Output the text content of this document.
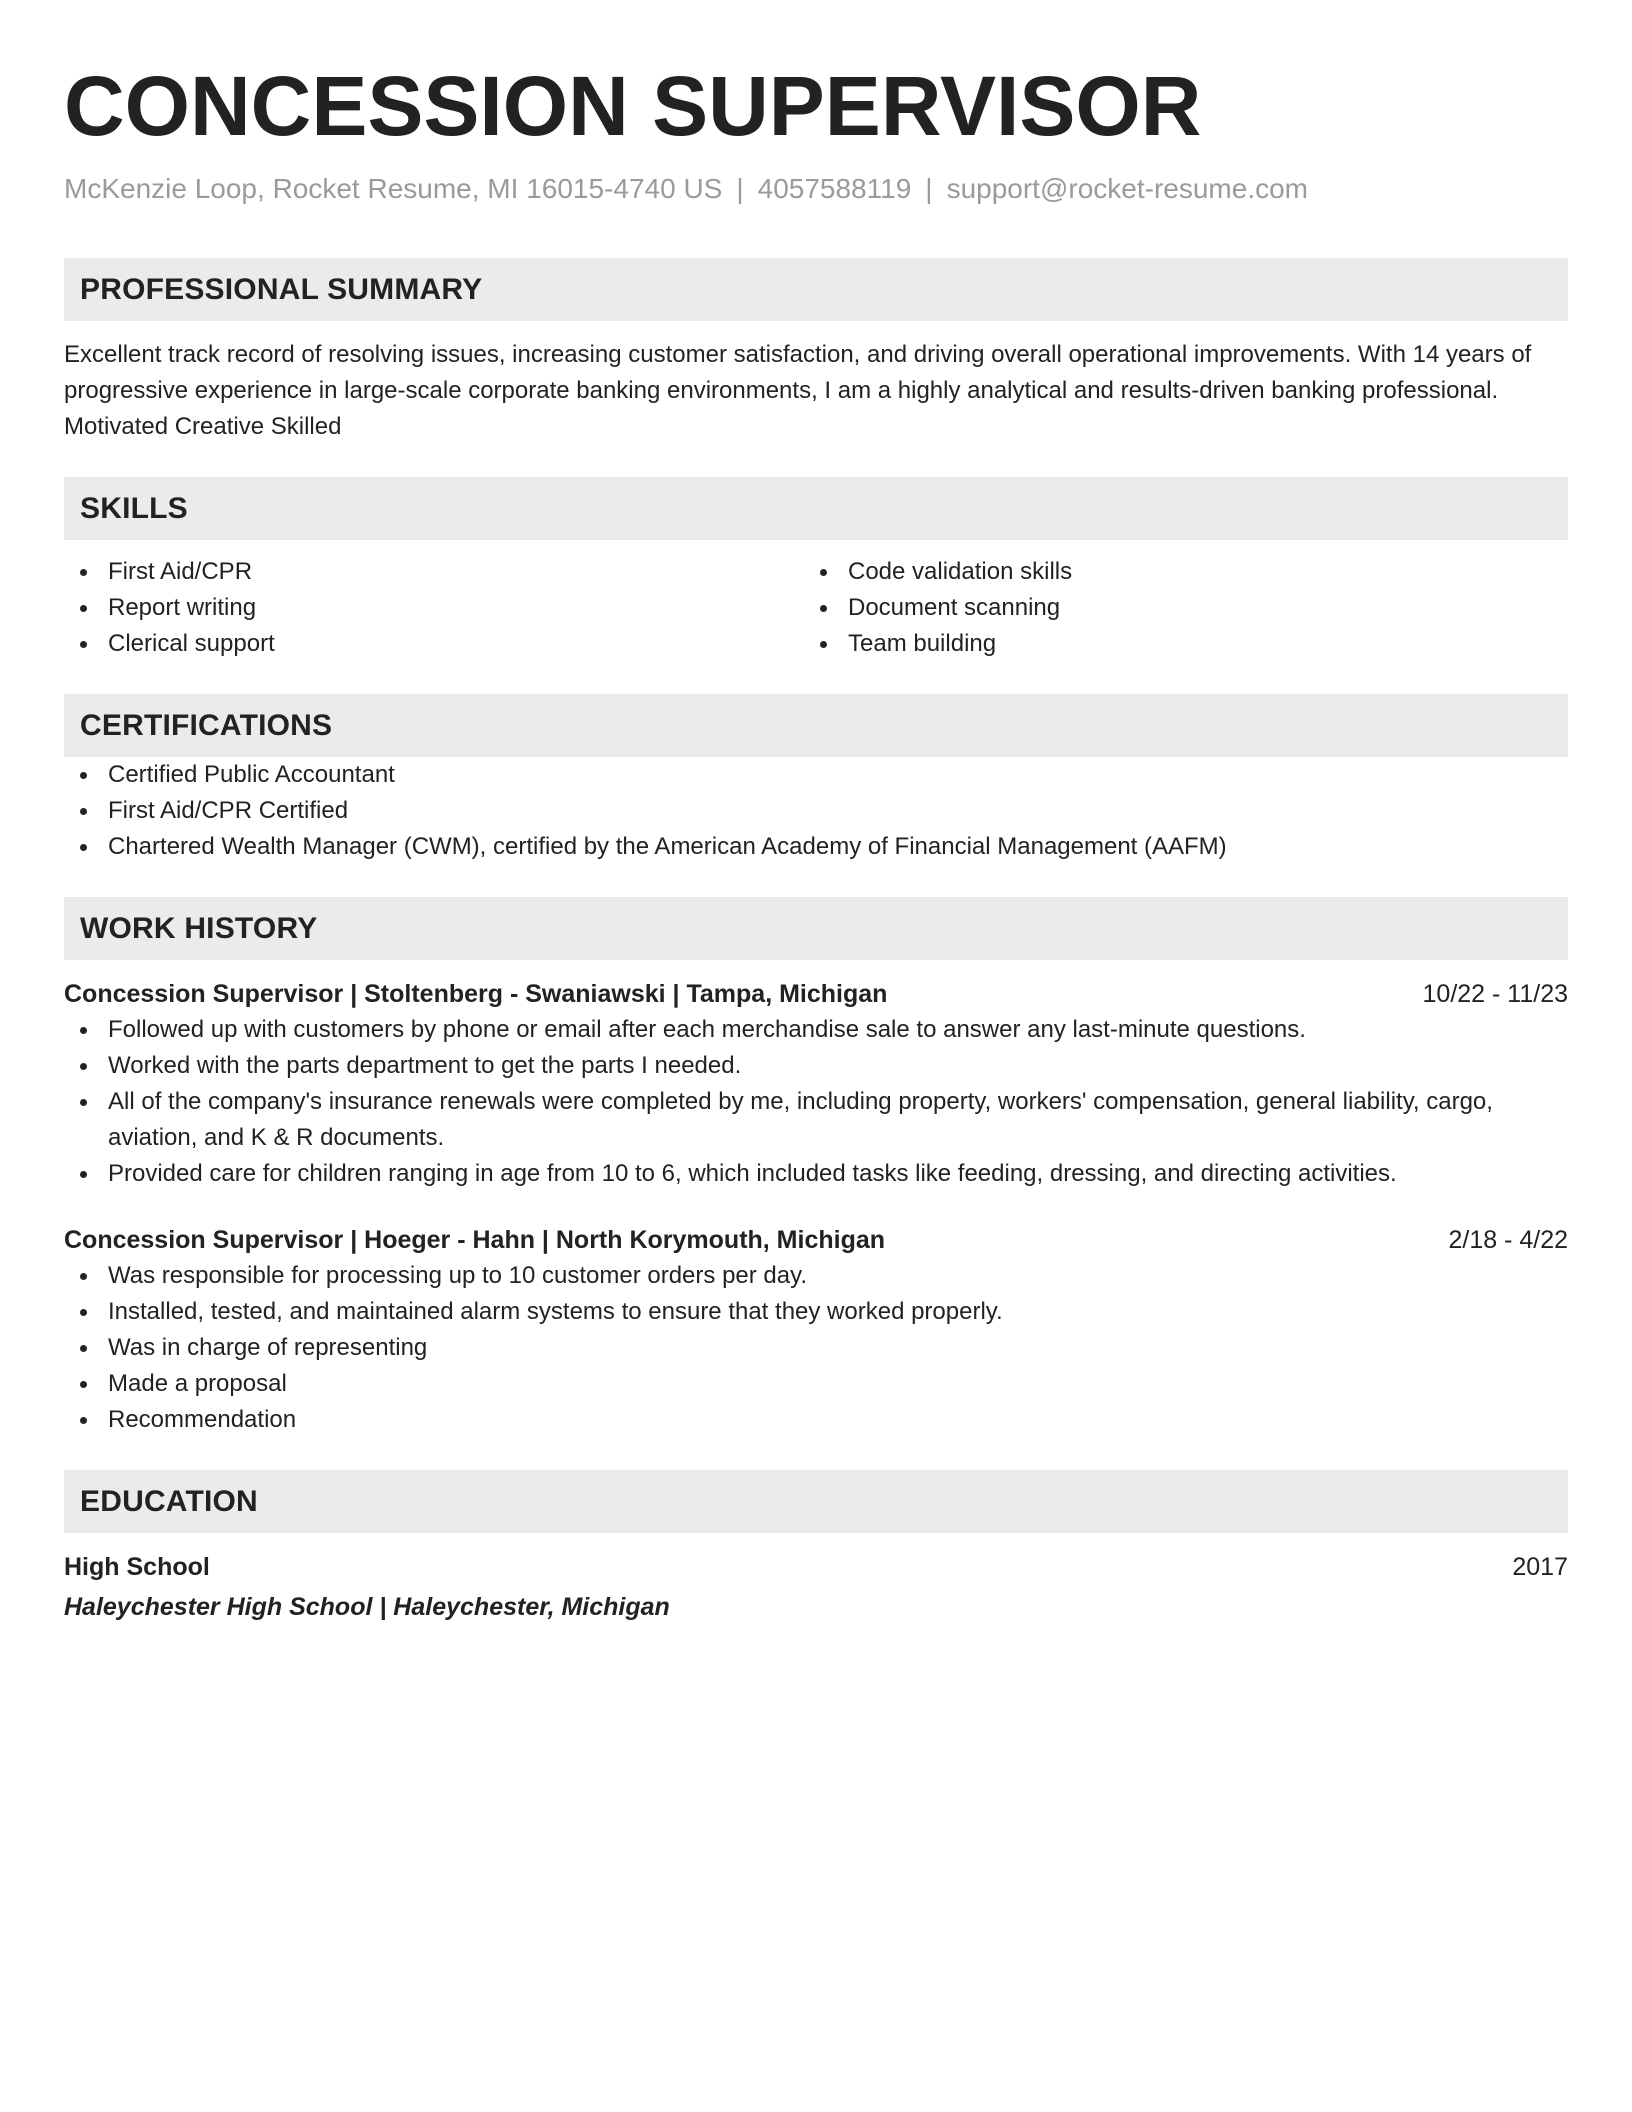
CONCESSION SUPERVISOR
McKenzie Loop, Rocket Resume, MI 16015-4740 US | 4057588119 | support@rocket-resume.com
PROFESSIONAL SUMMARY

Excellent track record of resolving issues, increasing customer satisfaction, and driving overall operational improvements. With 14 years of progressive experience in large-scale corporate banking environments, I am a highly analytical and results-driven banking professional. Motivated Creative Skilled

SKILLS
First Aid/CPR
Report writing
Clerical support
Code validation skills
Document scanning
Team building
CERTIFICATIONS
Certified Public Accountant
First Aid/CPR Certified
Chartered Wealth Manager (CWM), certified by the American Academy of Financial Management (AAFM)
WORK HISTORY
Concession Supervisor | Stoltenberg - Swaniawski | Tampa, Michigan	10/22 - 11/23
Followed up with customers by phone or email after each merchandise sale to answer any last-minute questions.
Worked with the parts department to get the parts I needed.
All of the company's insurance renewals were completed by me, including property, workers' compensation, general liability, cargo, aviation, and K & R documents.
Provided care for children ranging in age from 10 to 6, which included tasks like feeding, dressing, and directing activities.
Concession Supervisor | Hoeger - Hahn | North Korymouth, Michigan	2/18 - 4/22
Was responsible for processing up to 10 customer orders per day.
Installed, tested, and maintained alarm systems to ensure that they worked properly.
Was in charge of representing
Made a proposal
Recommendation
EDUCATION
High School	2017
Haleychester High School | Haleychester, Michigan
